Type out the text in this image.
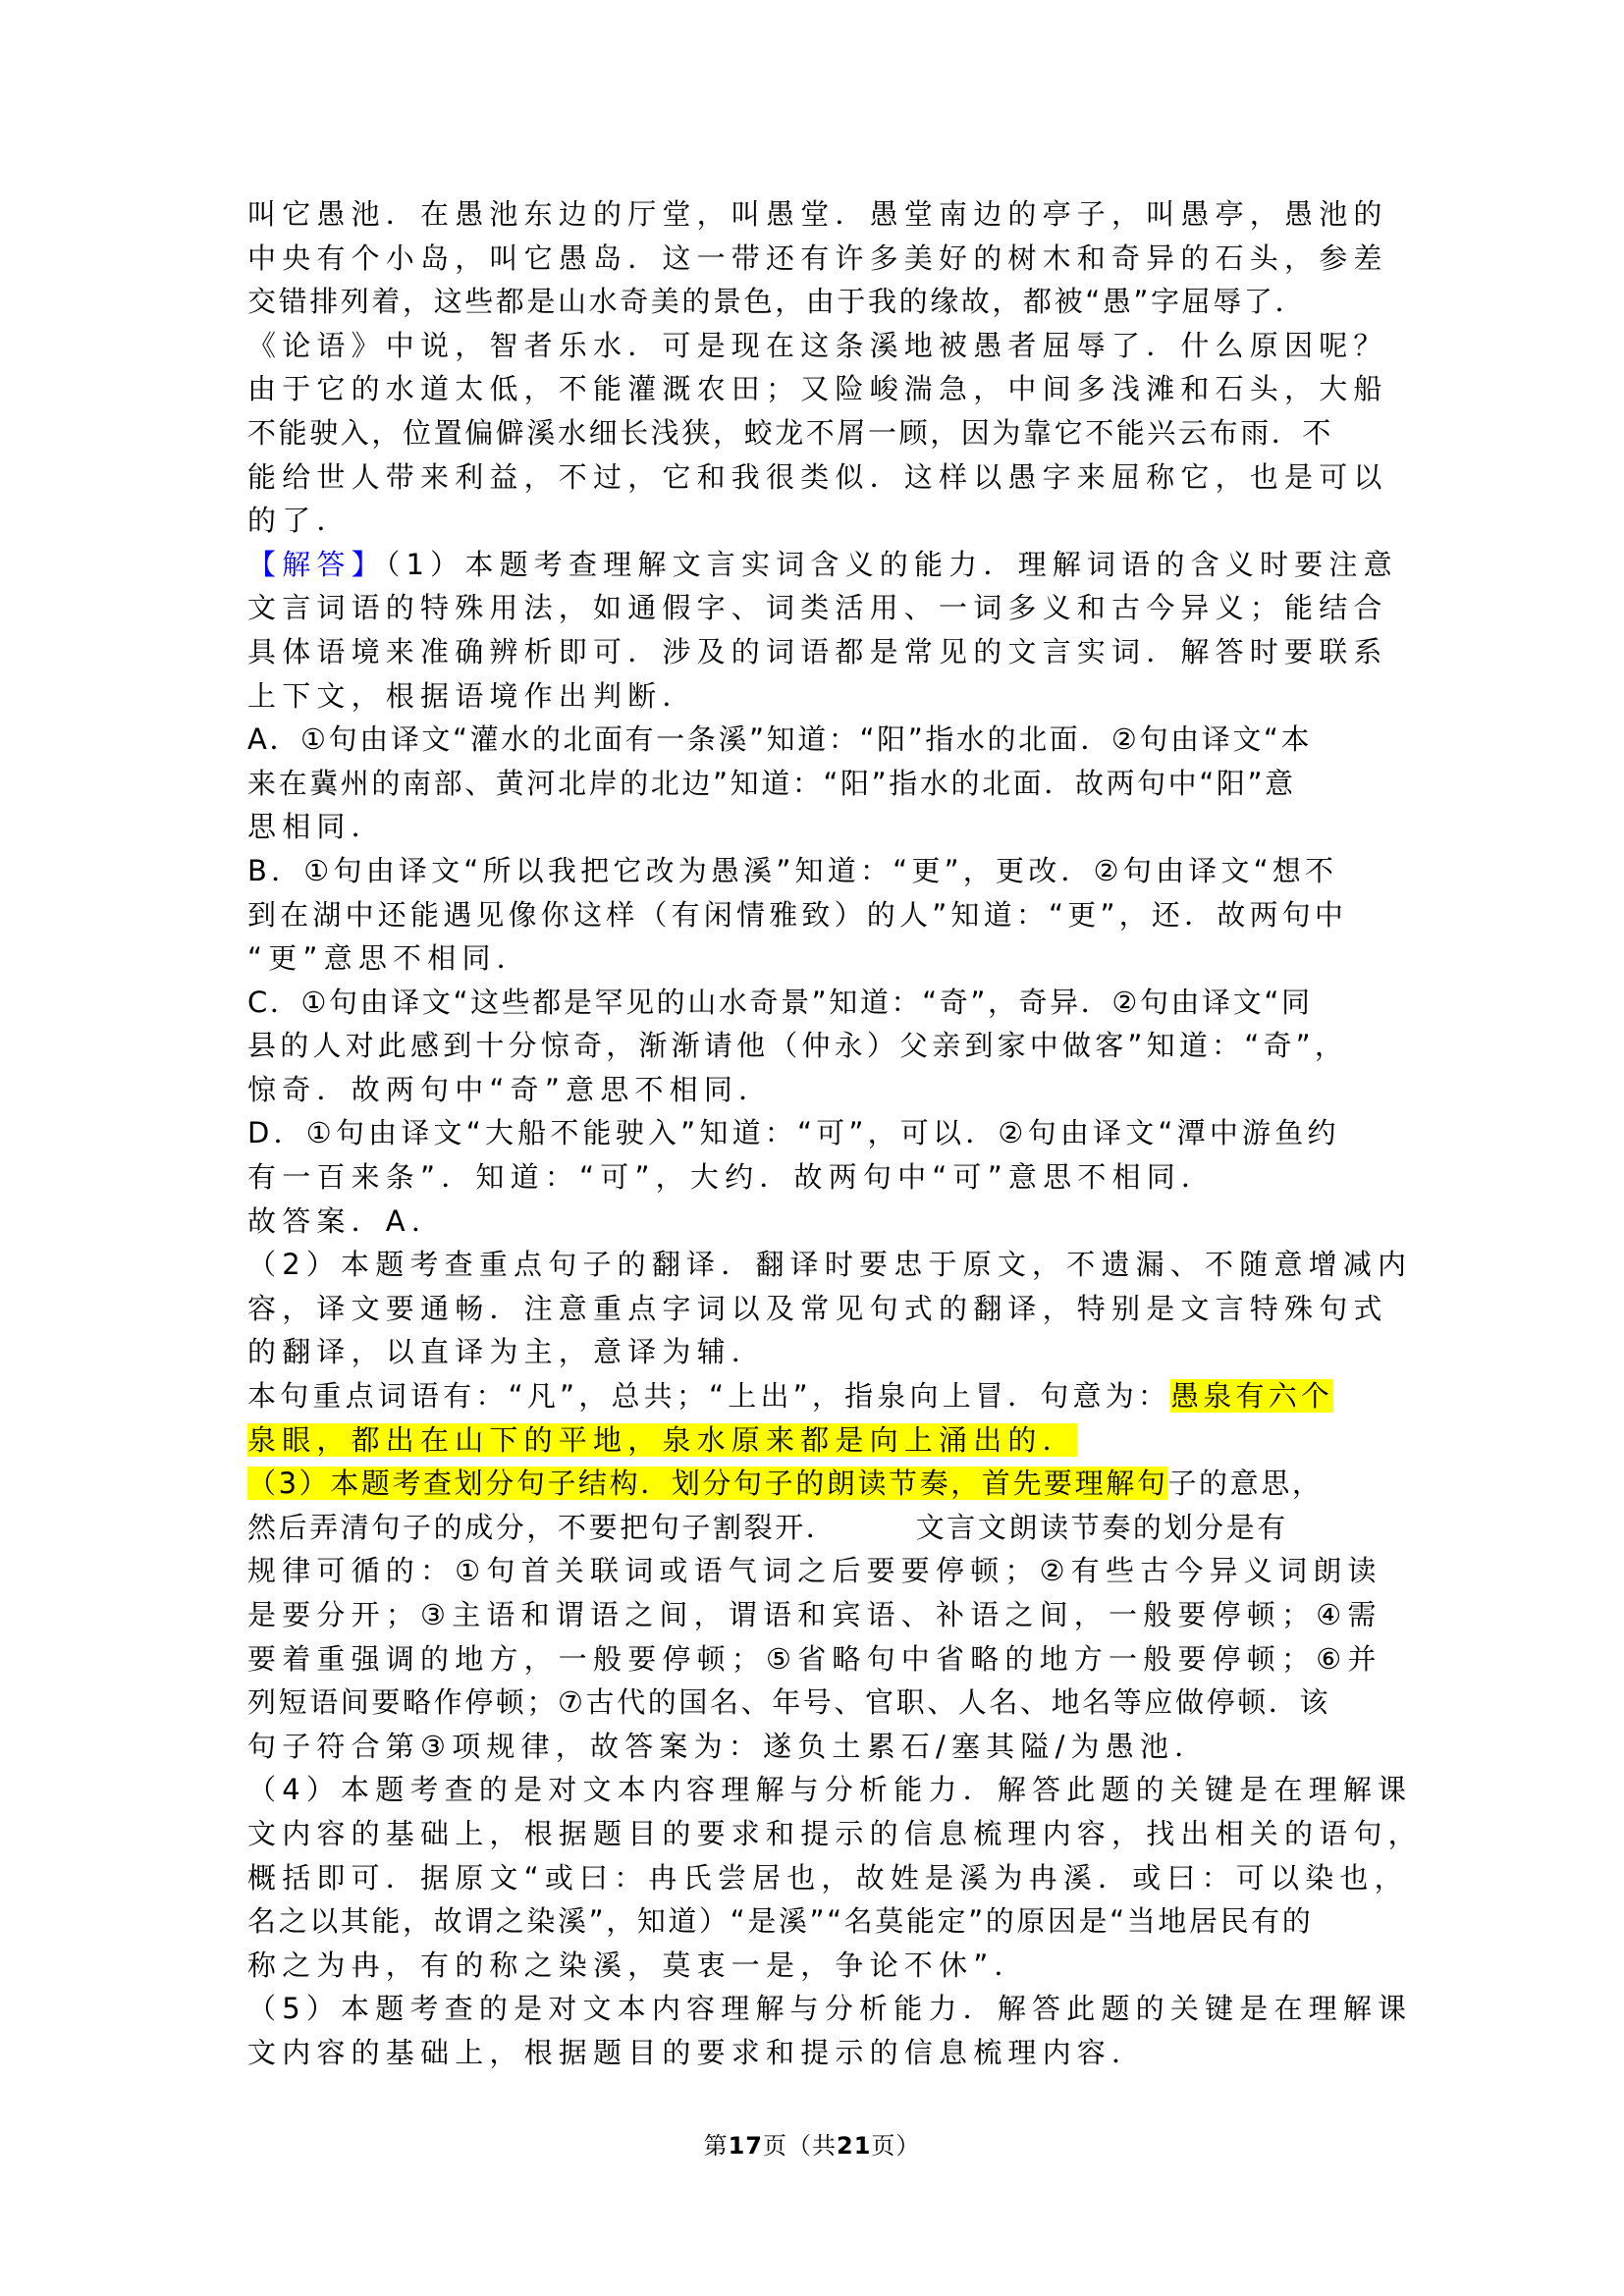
叫它愚池．在愚池东边的厅堂，叫愚堂．愚堂南边的亭子，叫愚亭，愚池的
中央有个小岛，叫它愚岛．这一带还有许多美好的树木和奇异的石头，参差
交错排列着，这些都是山水奇美的景色，由于我的缘故，都被“愚”字屈辱了．
《论语》中说，智者乐水．可是现在这条溪地被愚者屈辱了．什么原因呢？
由于它的水道太低，不能灌溉农田；又险峻湍急，中间多浅滩和石头，大船
不能驶入，位置偏僻溪水细长浅狭，蛟龙不屑一顾，因为靠它不能兴云布雨．不
能给世人带来利益，不过，它和我很类似．这样以愚字来屈称它，也是可以
的了．
【解答】（1）本题考查理解文言实词含义的能力．理解词语的含义时要注意
文言词语的特殊用法，如通假字、词类活用、一词多义和古今异义；能结合
具体语境来准确辨析即可．涉及的词语都是常见的文言实词．解答时要联系
上下文，根据语境作出判断．
A．①句由译文“灌水的北面有一条溪”知道：“阳”指水的北面．②句由译文“本
来在冀州的南部、黄河北岸的北边”知道：“阳”指水的北面．故两句中“阳”意
思相同．
B．①句由译文“所以我把它改为愚溪”知道：“更”，更改．②句由译文“想不
到在湖中还能遇见像你这样（有闲情雅致）的人”知道：“更”，还．故两句中
“更”意思不相同．
C．①句由译文“这些都是罕见的山水奇景”知道：“奇”，奇异．②句由译文“同
县的人对此感到十分惊奇，渐渐请他（仲永）父亲到家中做客”知道：“奇”，
惊奇．故两句中“奇”意思不相同．
D．①句由译文“大船不能驶入”知道：“可”，可以．②句由译文“潭中游鱼约
有一百来条”．知道：“可”，大约．故两句中“可”意思不相同．
故答案．A．
（2）本题考查重点句子的翻译．翻译时要忠于原文，不遗漏、不随意增减内
容，译文要通畅．注意重点字词以及常见句式的翻译，特别是文言特殊句式
的翻译，以直译为主，意译为辅．
本句重点词语有：“凡”，总共；“上出”，指泉向上冒．句意为：愚泉有六个
泉眼，都出在山下的平地，泉水原来都是向上涌出的．
（3）本题考查划分句子结构．划分句子的朗读节奏，首先要理解句子的意思，
然后弄清句子的成分，不要把句子割裂开．　　　文言文朗读节奏的划分是有
规律可循的：①句首关联词或语气词之后要要停顿；②有些古今异义词朗读
是要分开；③主语和谓语之间，谓语和宾语、补语之间，一般要停顿；④需
要着重强调的地方，一般要停顿；⑤省略句中省略的地方一般要停顿；⑥并
列短语间要略作停顿；⑦古代的国名、年号、官职、人名、地名等应做停顿．该
句子符合第③项规律，故答案为：遂负土累石/塞其隘/为愚池．
（4）本题考查的是对文本内容理解与分析能力．解答此题的关键是在理解课
文内容的基础上，根据题目的要求和提示的信息梳理内容，找出相关的语句，
概括即可．据原文“或曰：冉氏尝居也，故姓是溪为冉溪．或曰：可以染也，
名之以其能，故谓之染溪”，知道）“是溪”“名莫能定”的原因是“当地居民有的
称之为冉，有的称之染溪，莫衷一是，争论不休”．
（5）本题考查的是对文本内容理解与分析能力．解答此题的关键是在理解课
文内容的基础上，根据题目的要求和提示的信息梳理内容．
第17页（共21页）
